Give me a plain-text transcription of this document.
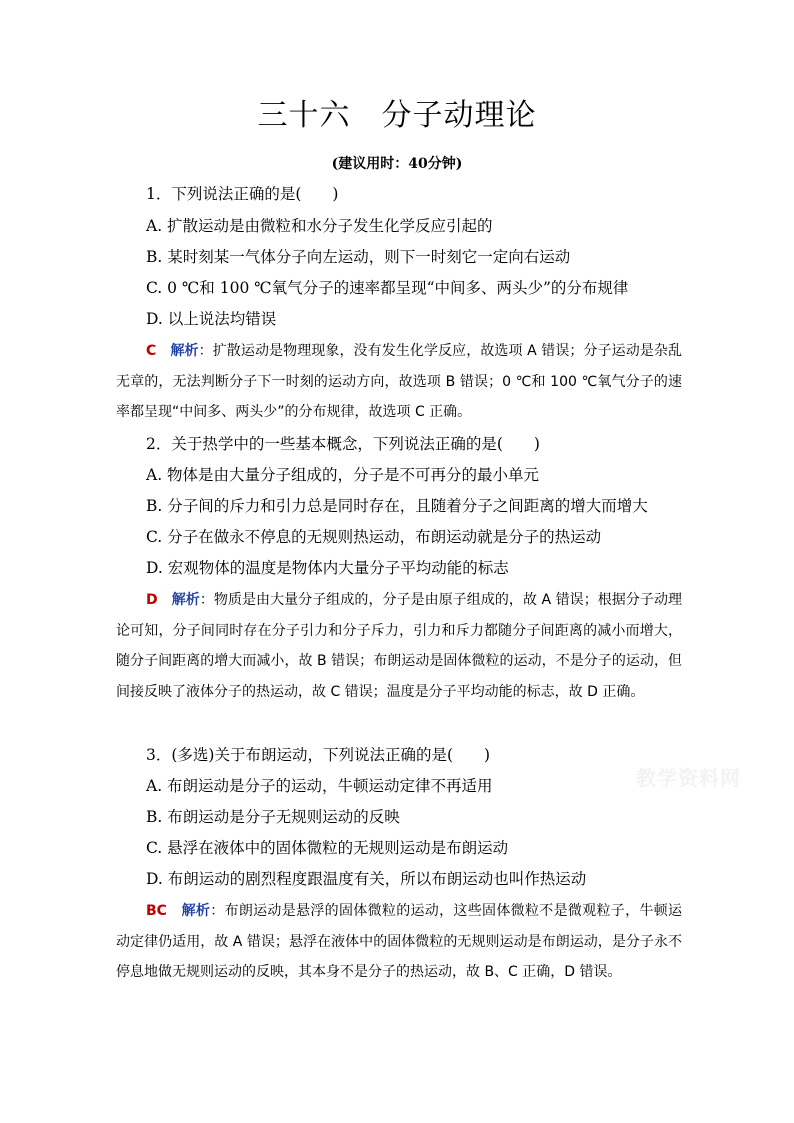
三十六　分子动理论
(建议用时：40分钟)
1．下列说法正确的是(　　)
A. 扩散运动是由微粒和水分子发生化学反应引起的
B. 某时刻某一气体分子向左运动，则下一时刻它一定向右运动
C. 0 ℃和 100 ℃氧气分子的速率都呈现“中间多、两头少”的分布规律
D. 以上说法均错误
C　 解析：扩散运动是物理现象，没有发生化学反应，故选项 A 错误；分子运动是杂乱无章的，无法判断分子下一时刻的运动方向，故选项 B 错误；0 ℃和 100 ℃氧气分子的速率都呈现“中间多、两头少”的分布规律，故选项 C 正确。
2．关于热学中的一些基本概念，下列说法正确的是(　　)
A. 物体是由大量分子组成的，分子是不可再分的最小单元
B. 分子间的斥力和引力总是同时存在，且随着分子之间距离的增大而增大
C. 分子在做永不停息的无规则热运动，布朗运动就是分子的热运动
D. 宏观物体的温度是物体内大量分子平均动能的标志
D　 解析：物质是由大量分子组成的，分子是由原子组成的，故 A 错误；根据分子动理论可知，分子间同时存在分子引力和分子斥力，引力和斥力都随分子间距离的减小而增大，随分子间距离的增大而减小，故 B 错误；布朗运动是固体微粒的运动，不是分子的运动，但间接反映了液体分子的热运动，故 C 错误；温度是分子平均动能的标志，故 D 正确。
3．(多选)关于布朗运动，下列说法正确的是(　　)
A. 布朗运动是分子的运动，牛顿运动定律不再适用
B. 布朗运动是分子无规则运动的反映
C. 悬浮在液体中的固体微粒的无规则运动是布朗运动
D. 布朗运动的剧烈程度跟温度有关，所以布朗运动也叫作热运动
BC　 解析：布朗运动是悬浮的固体微粒的运动，这些固体微粒不是微观粒子，牛顿运动定律仍适用，故 A 错误；悬浮在液体中的固体微粒的无规则运动是布朗运动，是分子永不停息地做无规则运动的反映，其本身不是分子的热运动，故 B、C 正确，D 错误。
教学资料网
